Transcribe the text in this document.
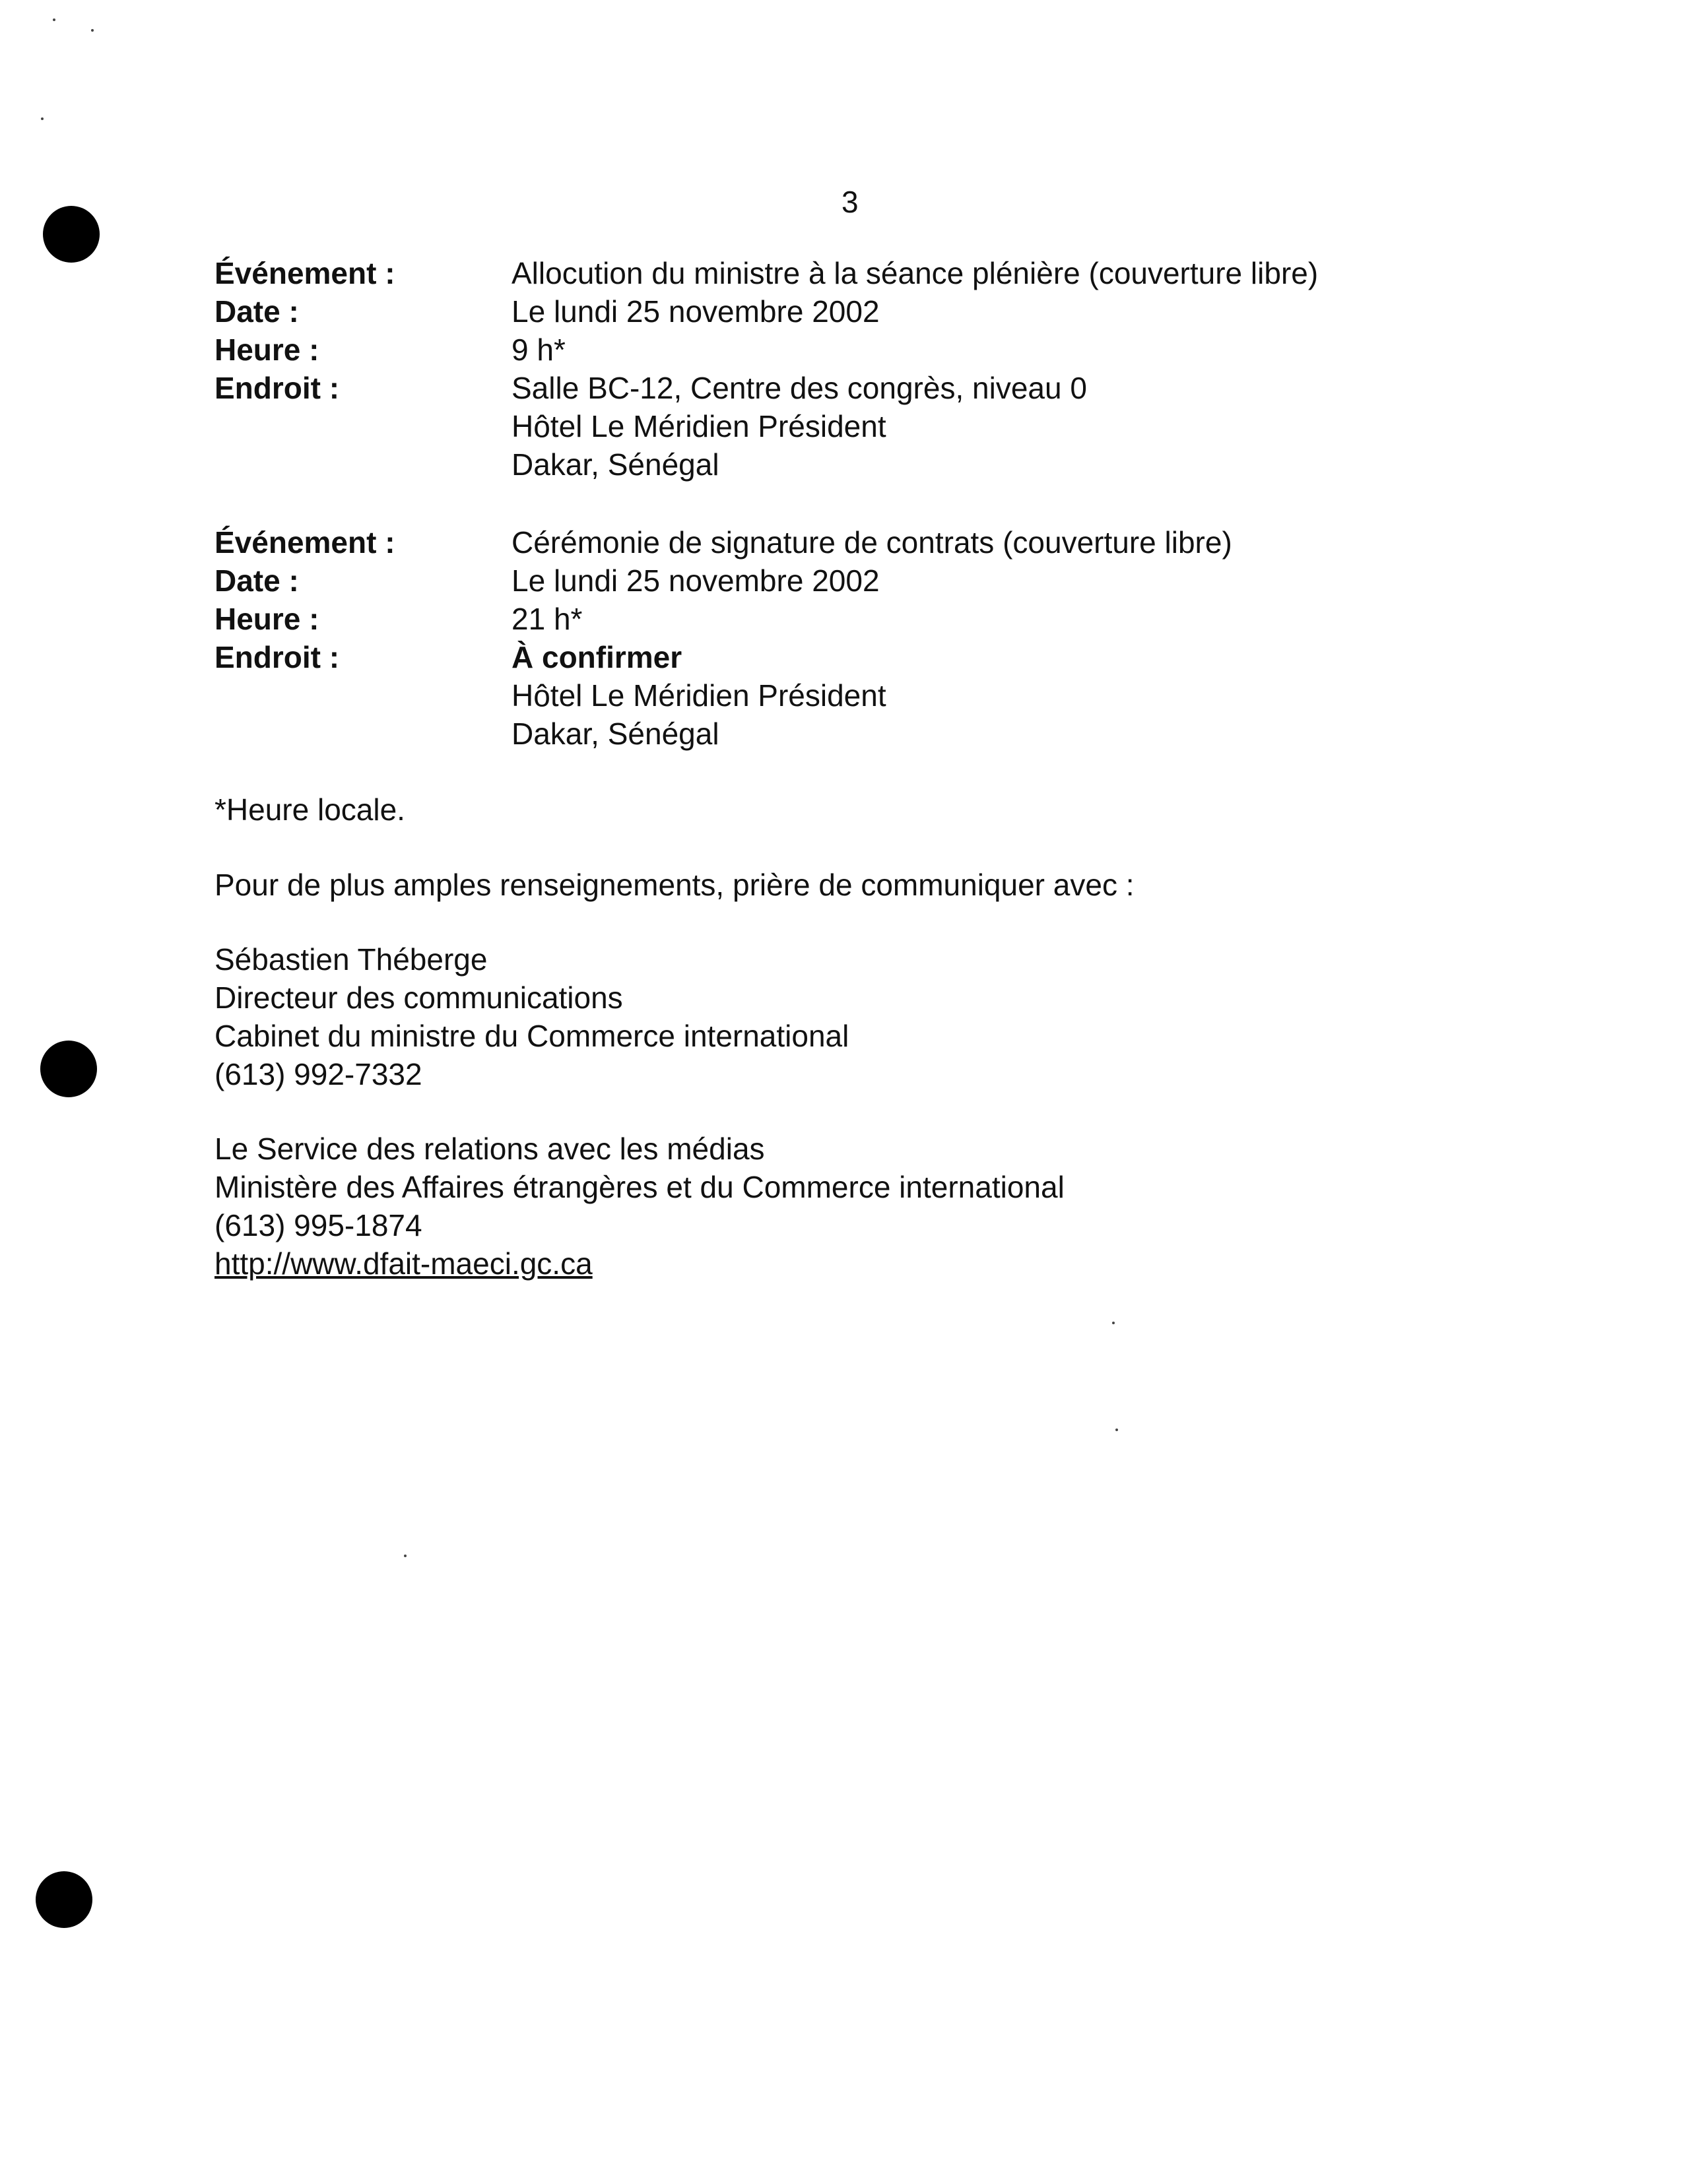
3
Événement :	Allocution du ministre à la séance plénière (couverture libre)
Date :	Le lundi 25 novembre 2002
Heure :	9 h*
Endroit :	Salle BC-12, Centre des congrès, niveau 0
Hôtel Le Méridien Président
Dakar, Sénégal
Événement :	Cérémonie de signature de contrats (couverture libre)
Date :	Le lundi 25 novembre 2002
Heure :	21 h*
Endroit :	À confirmer
Hôtel Le Méridien Président
Dakar, Sénégal
*Heure locale.
Pour de plus amples renseignements, prière de communiquer avec :
Sébastien Théberge
Directeur des communications
Cabinet du ministre du Commerce international
(613) 992-7332
Le Service des relations avec les médias
Ministère des Affaires étrangères et du Commerce international
(613) 995-1874
http://www.dfait-maeci.gc.ca
